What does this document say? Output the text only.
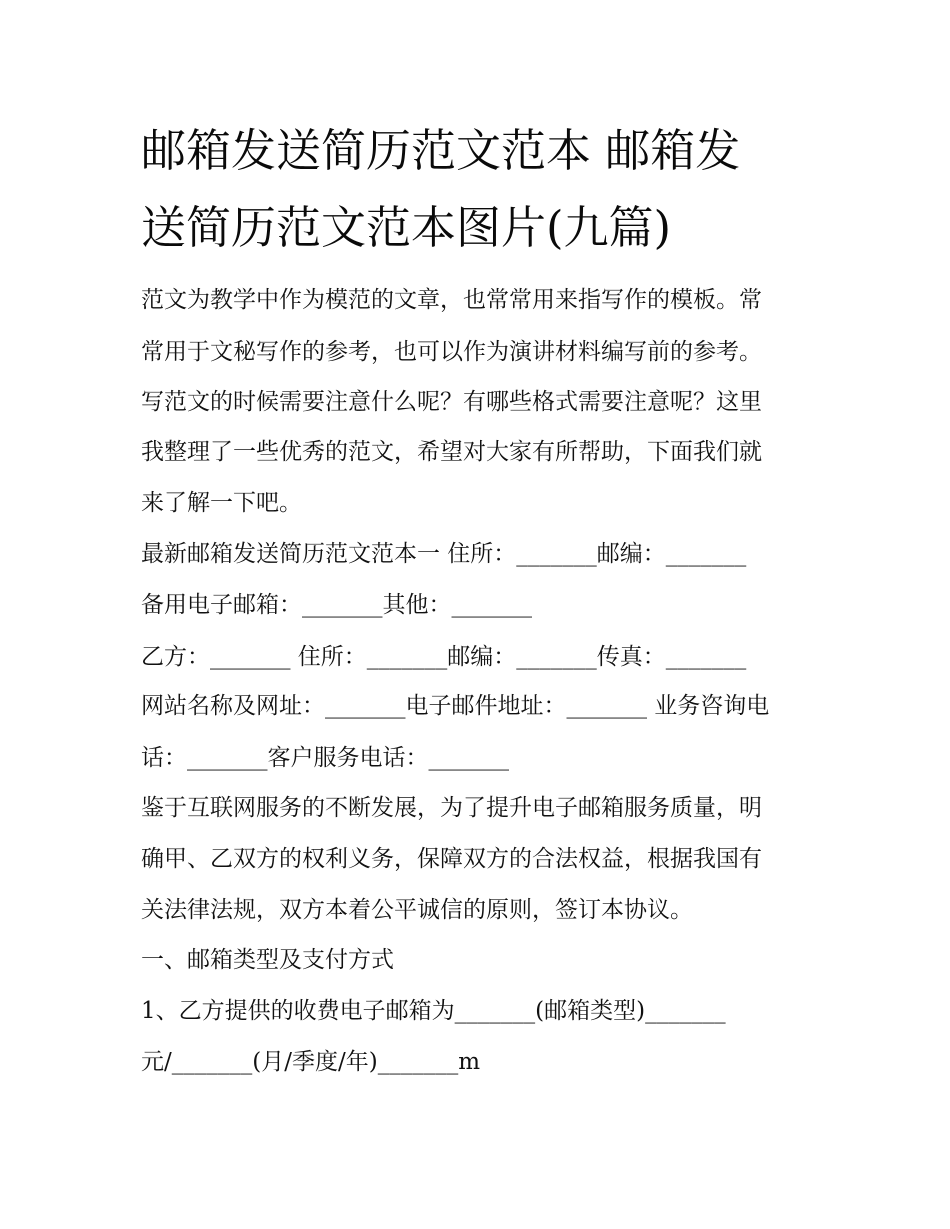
邮箱发送简历范文范本 邮箱发
送简历范文范本图片(九篇)
范文为教学中作为模范的文章，也常常用来指写作的模板。常
常用于文秘写作的参考，也可以作为演讲材料编写前的参考。
写范文的时候需要注意什么呢？有哪些格式需要注意呢？这里
我整理了一些优秀的范文，希望对大家有所帮助，下面我们就
来了解一下吧。
最新邮箱发送简历范文范本一 住所：_______邮编：_______
备用电子邮箱：_______其他：_______
乙方：_______ 住所：_______邮编：_______传真：_______
网站名称及网址：_______电子邮件地址：_______ 业务咨询电
话：_______客户服务电话：_______
鉴于互联网服务的不断发展，为了提升电子邮箱服务质量，明
确甲、乙双方的权利义务，保障双方的合法权益，根据我国有
关法律法规，双方本着公平诚信的原则，签订本协议。
一、邮箱类型及支付方式
1、乙方提供的收费电子邮箱为_______(邮箱类型)_______
元/_______(月/季度/年)_______m
